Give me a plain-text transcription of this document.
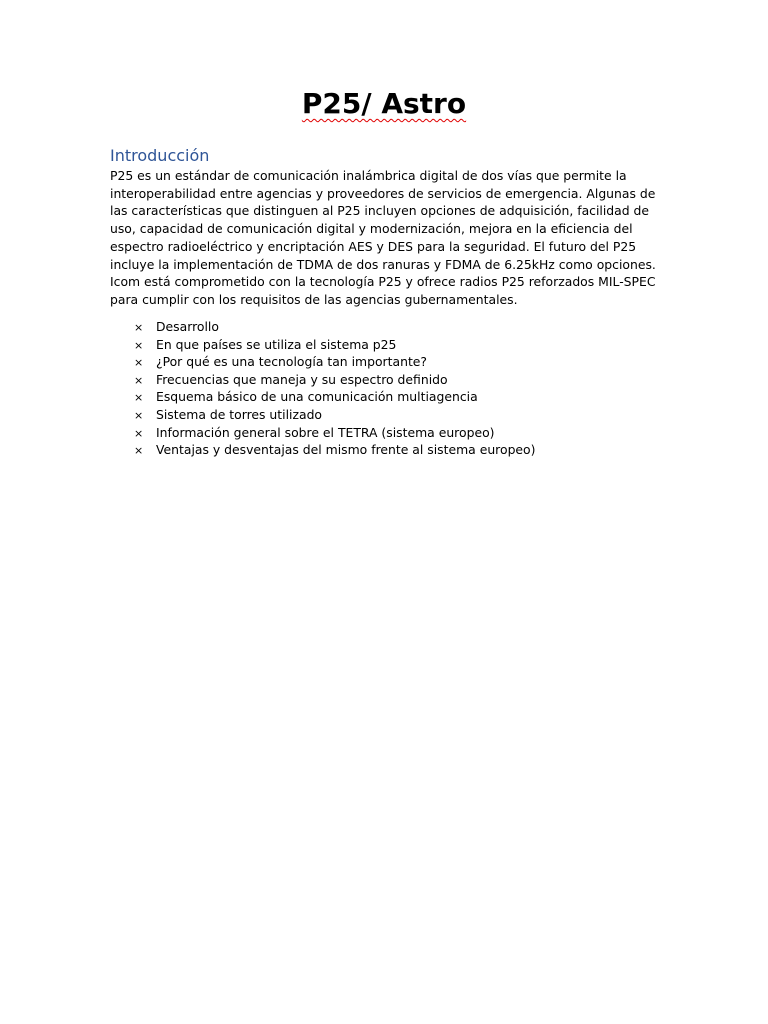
P25/ Astro
Introducción

P25 es un estándar de comunicación inalámbrica digital de dos vías que permite la interoperabilidad entre agencias y proveedores de servicios de emergencia. Algunas de las características que distinguen al P25 incluyen opciones de adquisición, facilidad de uso, capacidad de comunicación digital y modernización, mejora en la eficiencia del espectro radioeléctrico y encriptación AES y DES para la seguridad. El futuro del P25 incluye la implementación de TDMA de dos ranuras y FDMA de 6.25kHz como opciones. Icom está comprometido con la tecnología P25 y ofrece radios P25 reforzados MIL-SPEC para cumplir con los requisitos de las agencias gubernamentales.

×	Desarrollo
×	En que países se utiliza el sistema p25
×	¿Por qué es una tecnología tan importante?
×	Frecuencias que maneja y su espectro definido
×	Esquema básico de una comunicación multiagencia
×	Sistema de torres utilizado
×	Información general sobre el TETRA (sistema europeo)
×	Ventajas y desventajas del mismo frente al sistema europeo)
